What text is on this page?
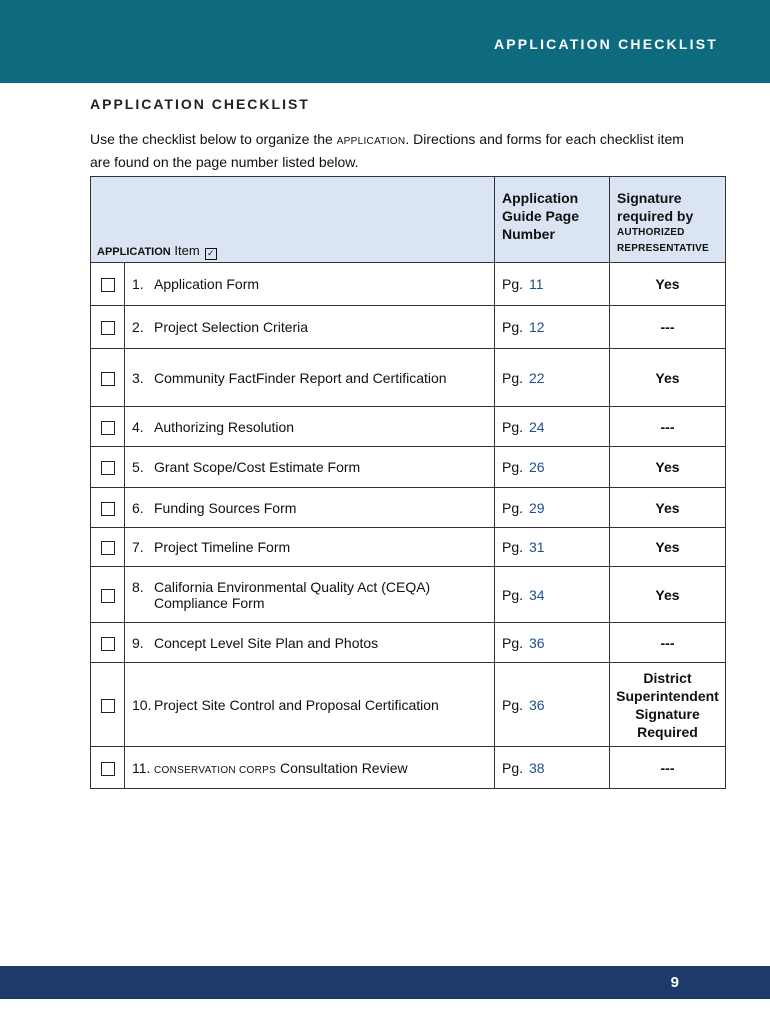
APPLICATION CHECKLIST
APPLICATION CHECKLIST
Use the checklist below to organize the APPLICATION. Directions and forms for each checklist item are found on the page number listed below.
APPLICATION Item ✓		Application Guide Page Number	Signature required by
AUTHORIZED
REPRESENTATIVE

	1. Application Form	Pg. 11	Yes
	2. Project Selection Criteria	Pg. 12	---
	3. Community FactFinder Report and Certification	Pg. 22	Yes
	4. Authorizing Resolution	Pg. 24	---
	5. Grant Scope/Cost Estimate Form	Pg. 26	Yes
	6. Funding Sources Form	Pg. 29	Yes
	7. Project Timeline Form	Pg. 31	Yes
	8. California Environmental Quality Act (CEQA) Compliance Form	Pg. 34	Yes
	9. Concept Level Site Plan and Photos	Pg. 36	---
	10. Project Site Control and Proposal Certification	Pg. 36	District Superintendent Signature Required
	11. CONSERVATION CORPS Consultation Review	Pg. 38	---
9
